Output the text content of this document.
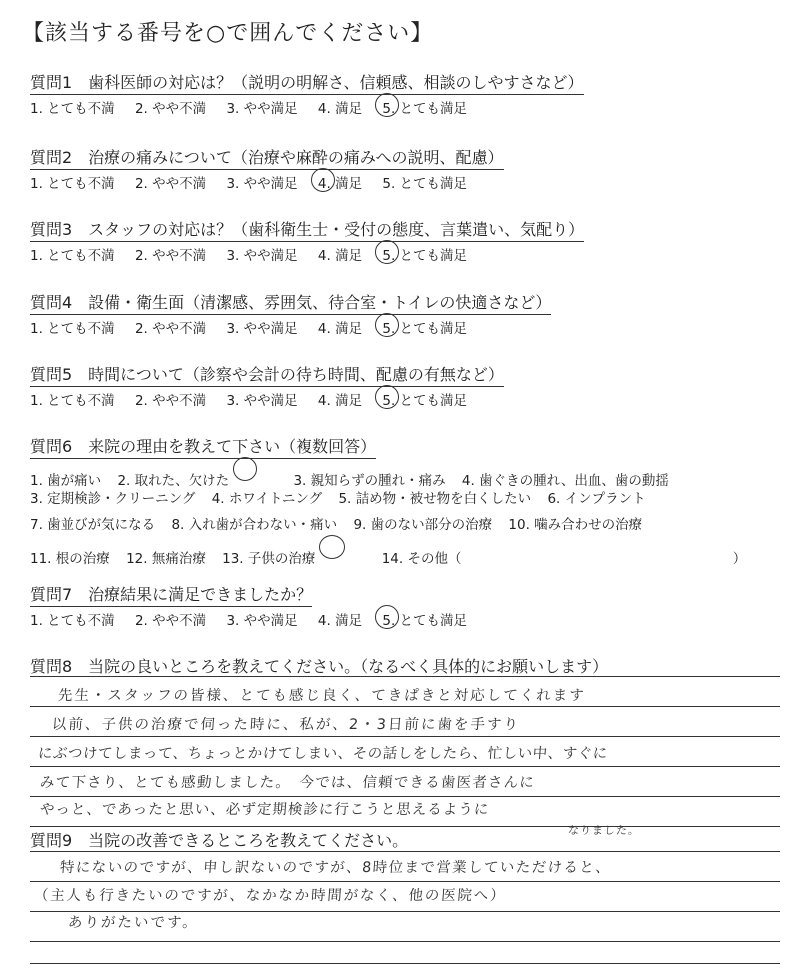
【該当する番号を○で囲んでください】
質問1　歯科医師の対応は？（説明の明解さ、信頼感、相談のしやすさなど）
1. とても不満 2. やや不満 3. やや満足 4. 満足 5. とても満足
質問2　治療の痛みについて（治療や麻酔の痛みへの説明、配慮）
1. とても不満 2. やや不満 3. やや満足 4. 満足 5. とても満足
質問3　スタッフの対応は？（歯科衛生士・受付の態度、言葉遣い、気配り）
1. とても不満 2. やや不満 3. やや満足 4. 満足 5. とても満足
質問4　設備・衛生面（清潔感、雰囲気、待合室・トイレの快適さなど）
1. とても不満 2. やや不満 3. やや満足 4. 満足 5. とても満足
質問5　時間について（診察や会計の待ち時間、配慮の有無など）
1. とても不満 2. やや不満 3. やや満足 4. 満足 5. とても満足
質問6　来院の理由を教えて下さい（複数回答）
1. 歯が痛い 2. 取れた、欠けた	3. 親知らずの腫れ・痛み 4. 歯ぐきの腫れ、出血、歯の動揺
3. 定期検診・クリーニング 4. ホワイトニング 5. 詰め物・被せ物を白くしたい 6. インプラント
7. 歯並びが気になる 8. 入れ歯が合わない・痛い 9. 歯のない部分の治療 10. 噛み合わせの治療
11. 根の治療 12. 無痛治療 13. 子供の治療	14. その他（	）
質問7　治療結果に満足できましたか？
1. とても不満 2. やや不満 3. やや満足 4. 満足 5. とても満足
質問8　当院の良いところを教えてください。（なるべく具体的にお願いします）
先生・スタッフの皆様、とても感じ良く、てきぱきと対応してくれます
以前、子供の治療で伺った時に、私が、2・3日前に歯を手すり
にぶつけてしまって、ちょっとかけてしまい、その話しをしたら、忙しい中、すぐに
みて下さり、とても感動しました。　今では、信頼できる歯医者さんに
やっと、であったと思い、必ず定期検診に行こうと思えるように
なりました。
質問9　当院の改善できるところを教えてください。
特にないのですが、申し訳ないのですが、8時位まで営業していただけると、
（主人も行きたいのですが、なかなか時間がなく、他の医院へ）
ありがたいです。
